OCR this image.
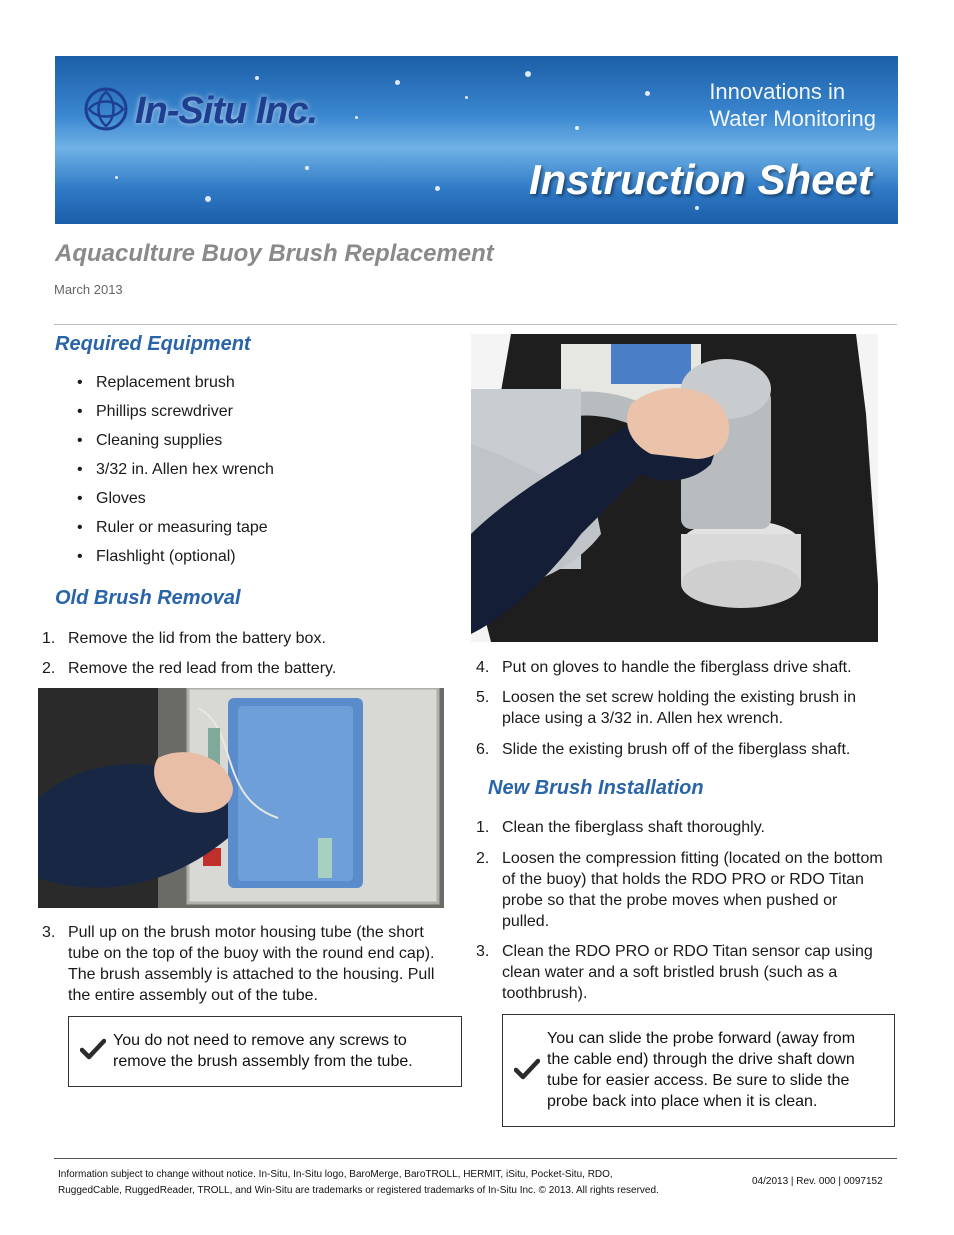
In-Situ Inc.	Innovations in
Water Monitoring
Instruction Sheet
Aquaculture Buoy Brush Replacement
March 2013
Required Equipment
• Replacement brush
• Phillips screwdriver
• Cleaning supplies
• 3/32 in. Allen hex wrench
• Gloves
• Ruler or measuring tape
• Flashlight (optional)
Old Brush Removal
1. Remove the lid from the battery box.
2. Remove the red lead from the battery.
3. Pull up on the brush motor housing tube (the short
tube on the top of the buoy with the round end cap).
The brush assembly is attached to the housing. Pull
the entire assembly out of the tube.
You do not need to remove any screws to
remove the brush assembly from the tube.
4. Put on gloves to handle the fiberglass drive shaft.
5. Loosen the set screw holding the existing brush in
place using a 3/32 in. Allen hex wrench.
6. Slide the existing brush off of the fiberglass shaft.
New Brush Installation
1. Clean the fiberglass shaft thoroughly.
2. Loosen the compression fitting (located on the bottom
of the buoy) that holds the RDO PRO or RDO Titan
probe so that the probe moves when pushed or
pulled.
3. Clean the RDO PRO or RDO Titan sensor cap using
clean water and a soft bristled brush (such as a
toothbrush).
You can slide the probe forward (away from
the cable end) through the drive shaft down
tube for easier access. Be sure to slide the
probe back into place when it is clean.
Information subject to change without notice. In-Situ, In-Situ logo, BaroMerge, BaroTROLL, HERMIT, iSitu, Pocket-Situ, RDO,
RuggedCable, RuggedReader, TROLL, and Win-Situ are trademarks or registered trademarks of In-Situ Inc. © 2013. All rights reserved.
04/2013 | Rev. 000 | 0097152
